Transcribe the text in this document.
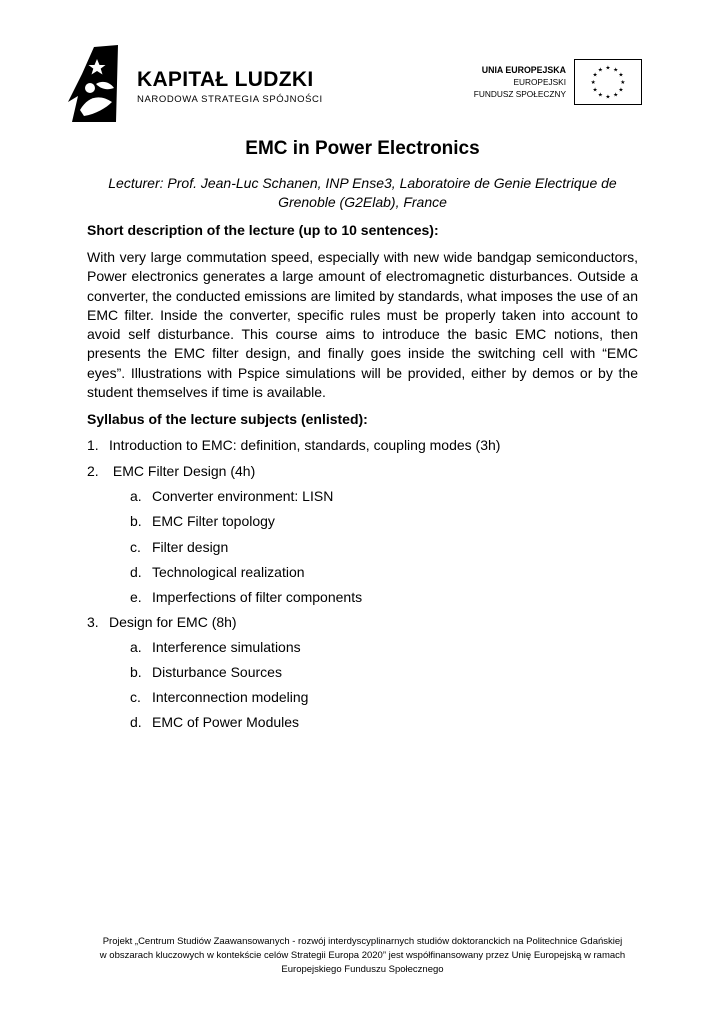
KAPITAŁ LUDZKI
NARODOWA STRATEGIA SPÓJNOŚCI
UNIA EUROPEJSKA
EUROPEJSKI
FUNDUSZ SPOŁECZNY
★ ★
★
★
★
★
★
★
★
★
★
★
EMC in Power Electronics
Lecturer: Prof. Jean-Luc Schanen, INP Ense3, Laboratoire de Genie Electrique de Grenoble (G2Elab), France
Short description of the lecture (up to 10 sentences):
With very large commutation speed, especially with new wide bandgap semiconductors, Power electronics generates a large amount of electromagnetic disturbances. Outside a converter, the conducted emissions are limited by standards, what imposes the use of an EMC filter. Inside the converter, specific rules must be properly taken into account to avoid self disturbance. This course aims to introduce the basic EMC notions, then presents the EMC filter design, and finally goes inside the switching cell with “EMC eyes”. Illustrations with Pspice simulations will be provided, either by demos or by the student themselves if time is available.
Syllabus of the lecture subjects (enlisted):
1. Introduction to EMC: definition, standards, coupling modes (3h)
2. EMC Filter Design (4h)
a. Converter environment: LISN
b. EMC Filter topology
c. Filter design
d. Technological realization
e. Imperfections of filter components
3. Design for EMC (8h)
a. Interference simulations
b. Disturbance Sources
c. Interconnection modeling
d. EMC of Power Modules
Projekt „Centrum Studiów Zaawansowanych - rozwój interdyscyplinarnych studiów doktoranckich na Politechnice Gdańskiej
w obszarach kluczowych w kontekście celów Strategii Europa 2020” jest współfinansowany przez Unię Europejską w ramach
Europejskiego Funduszu Społecznego
